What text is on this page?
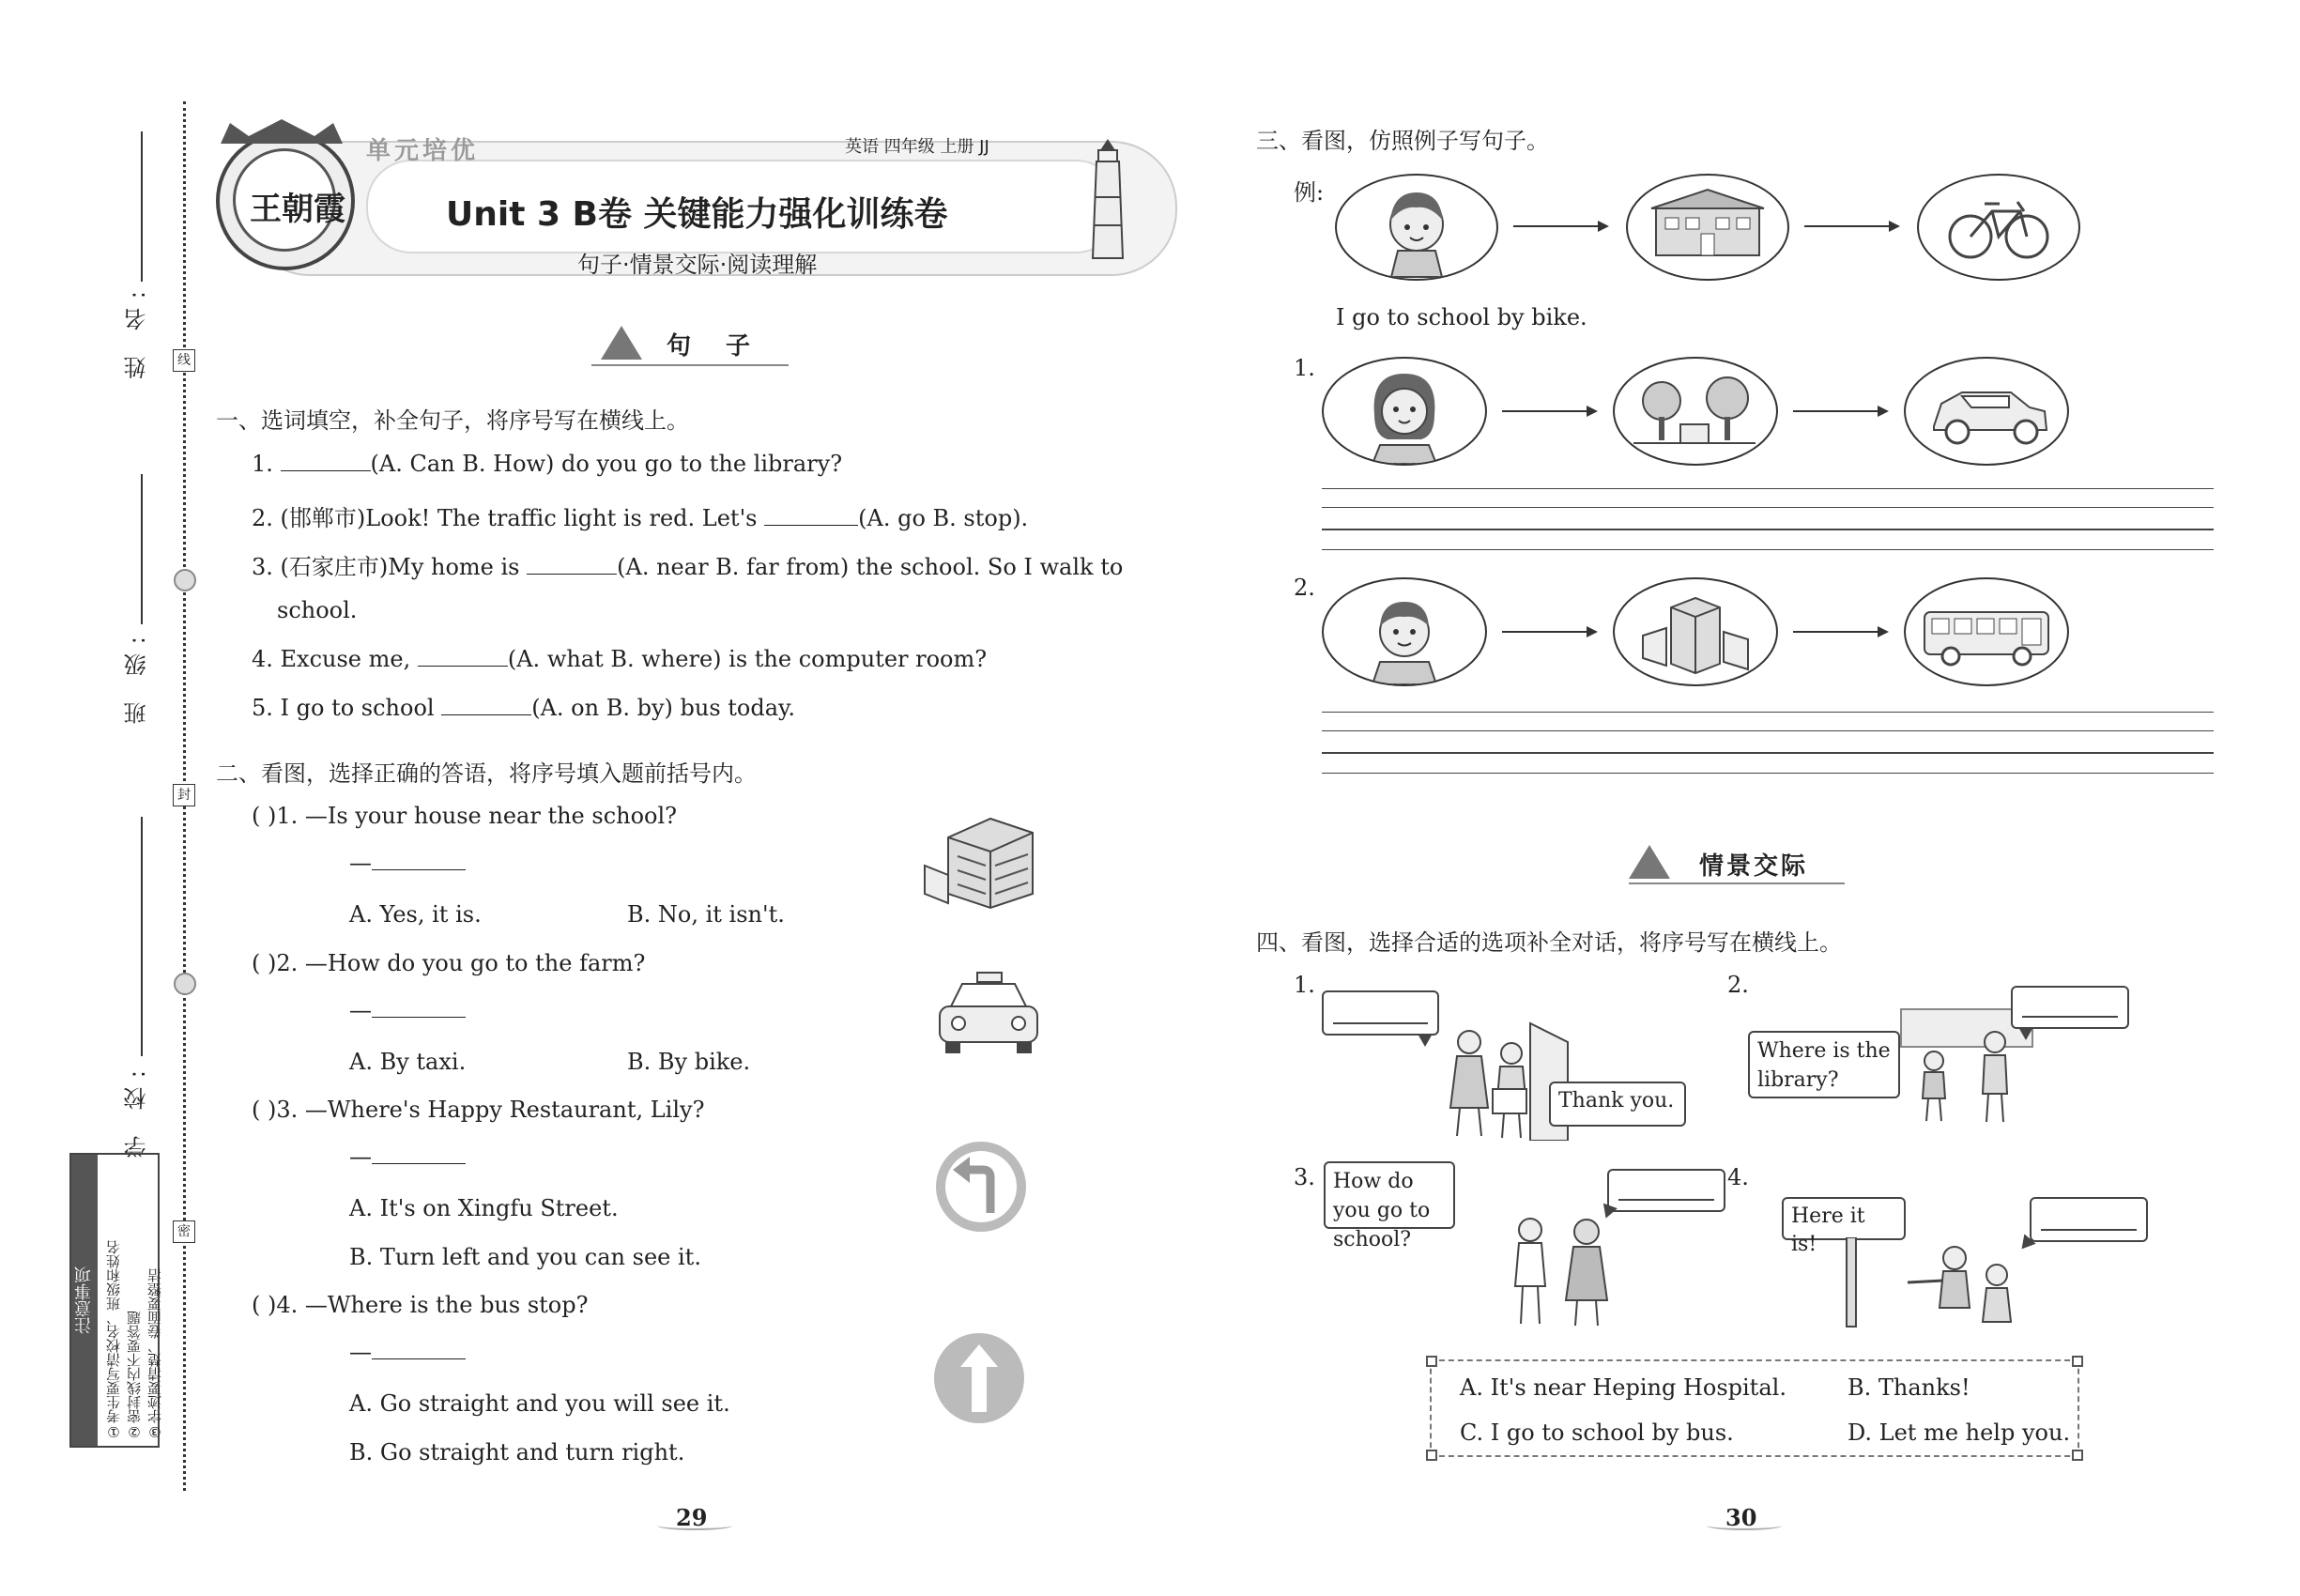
姓 名:
班 级:
学 校:
线
封
密
注意事项 ①考生要写清校名、班级和姓名 ②密封线内不要答题 ③字迹要清楚、卷面要整洁
王朝霞
单元培优	英语 四年级 上册 JJ
Unit 3 B卷 关键能力强化训练卷
句子·情景交际·阅读理解
句 子
一、选词填空，补全句子，将序号写在横线上。
1.	(A. Can B. How) do you go to the library?
2. (邯郸市)Look! The traffic light is red. Let's	(A. go B. stop).
3. (石家庄市)My home is	(A. near B. far from) the school. So I walk to
school.
4. Excuse me,	(A. what B. where) is the computer room?
5. I go to school	(A. on B. by) bus today.
二、看图，选择正确的答语，将序号填入题前括号内。
( )1. —Is your house near the school?
—
A. Yes, it is.	B. No, it isn't.
( )2. —How do you go to the farm?
—
A. By taxi.	B. By bike.
( )3. —Where's Happy Restaurant, Lily?
—
A. It's on Xingfu Street.
B. Turn left and you can see it.
( )4. —Where is the bus stop?
—
A. Go straight and you will see it.
B. Go straight and turn right.
29
三、看图，仿照例子写句子。
例:
I go to school by bike.
1.
2.
情景交际
四、看图，选择合适的选项补全对话，将序号写在横线上。
1.
Thank you.
2.
Where is the library?
3. How do you go to school?
4.
Here it is!
A. It's near Heping Hospital.	B. Thanks!
C. I go to school by bus.	D. Let me help you.
30
